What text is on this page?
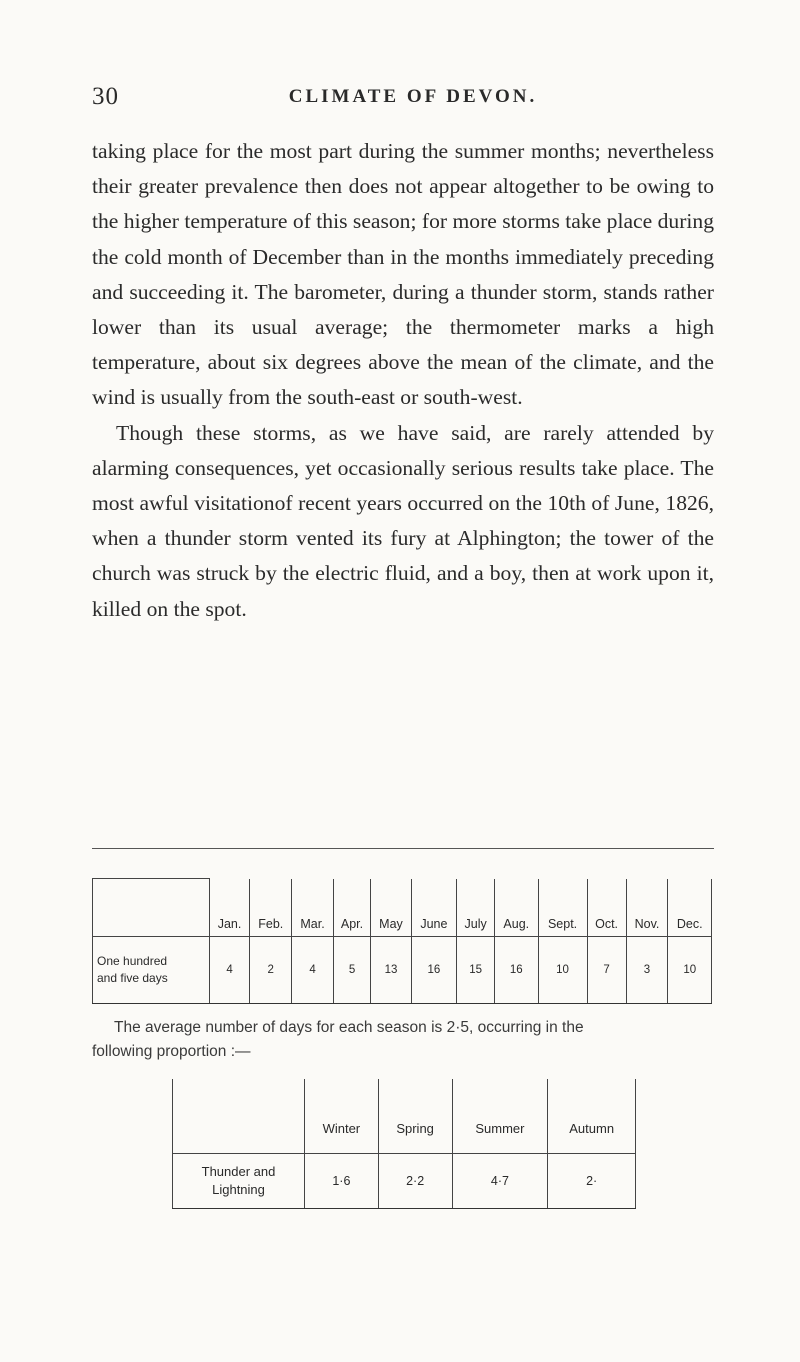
30	CLIMATE OF DEVON.

taking place for the most part during the summer months; nevertheless their greater prevalence then does not appear altogether to be owing to the higher temperature of this season; for more storms take place during the cold month of December than in the months immediately preceding and succeeding it. The barometer, during a thunder storm, stands rather lower than its usual average; the thermometer marks a high temperature, about six degrees above the mean of the climate, and the wind is usually from the south-east or south-west.

Though these storms, as we have said, are rarely attended by alarming consequences, yet occasionally serious results take place. The most awful visitationof recent years occurred on the 10th of June, 1826, when a thunder storm vented its fury at Alphington; the tower of the church was struck by the electric fluid, and a boy, then at work upon it, killed on the spot.

	Jan.	Feb.	Mar.	Apr.	May	June	July	Aug.	Sept.	Oct.	Nov.	Dec.
One hundred
and five days	4	2	4	5	13	16	15	16	10	7	3	10
The average number of days for each season is 2·5, occurring in the
following proportion :—
	Winter	Spring	Summer	Autumn
Thunder and
Lightning	1·6	2·2	4·7	2·
